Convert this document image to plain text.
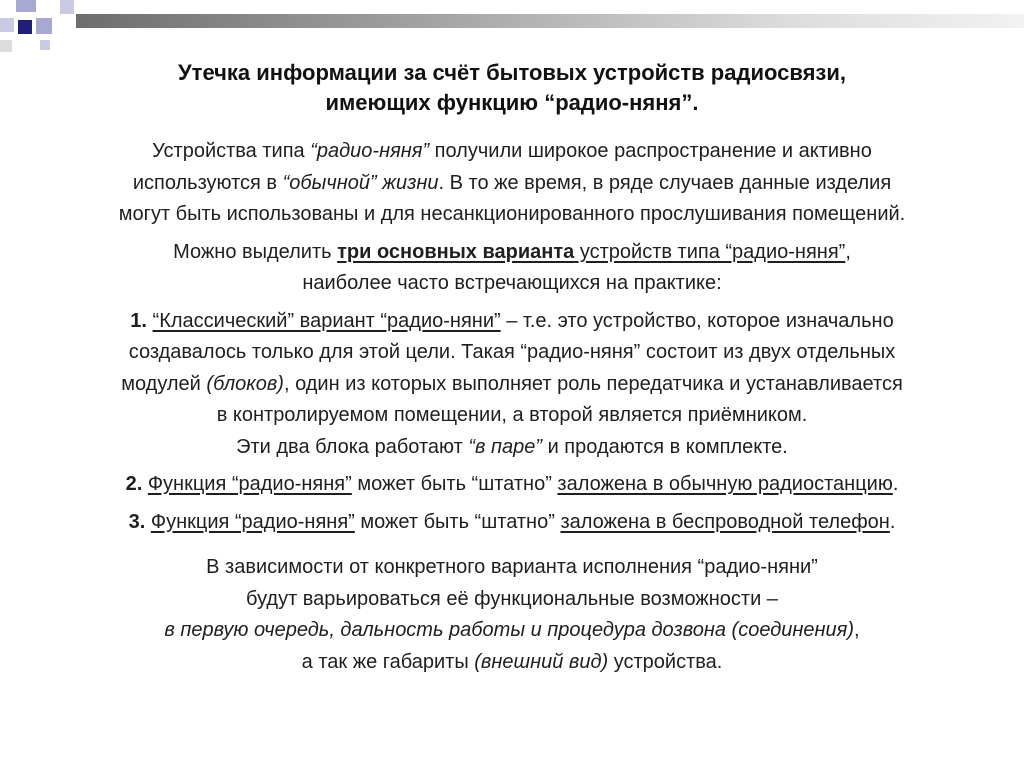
Утечка информации за счёт бытовых устройств радиосвязи,
имеющих функцию “радио-няня”.

Устройства типа “радио-няня” получили широкое распространение и активно
используются в “обычной” жизни. В то же время, в ряде случаев данные изделия
могут быть использованы и для несанкционированного прослушивания помещений.

Можно выделить три основных варианта устройств типа “радио-няня”,
наиболее часто встречающихся на практике:

1. “Классический” вариант “радио-няни” – т.е. это устройство, которое изначально
создавалось только для этой цели. Такая “радио-няня” состоит из двух отдельных
модулей (блоков), один из которых выполняет роль передатчика и устанавливается
в контролируемом помещении, а второй является приёмником.
Эти два блока работают “в паре” и продаются в комплекте.

2. Функция “радио-няня” может быть “штатно” заложена в обычную радиостанцию.

3. Функция “радио-няня” может быть “штатно” заложена в беспроводной телефон.

В зависимости от конкретного варианта исполнения “радио-няни”
будут варьироваться её функциональные возможности –
в первую очередь, дальность работы и процедура дозвона (соединения),
а так же габариты (внешний вид) устройства.
